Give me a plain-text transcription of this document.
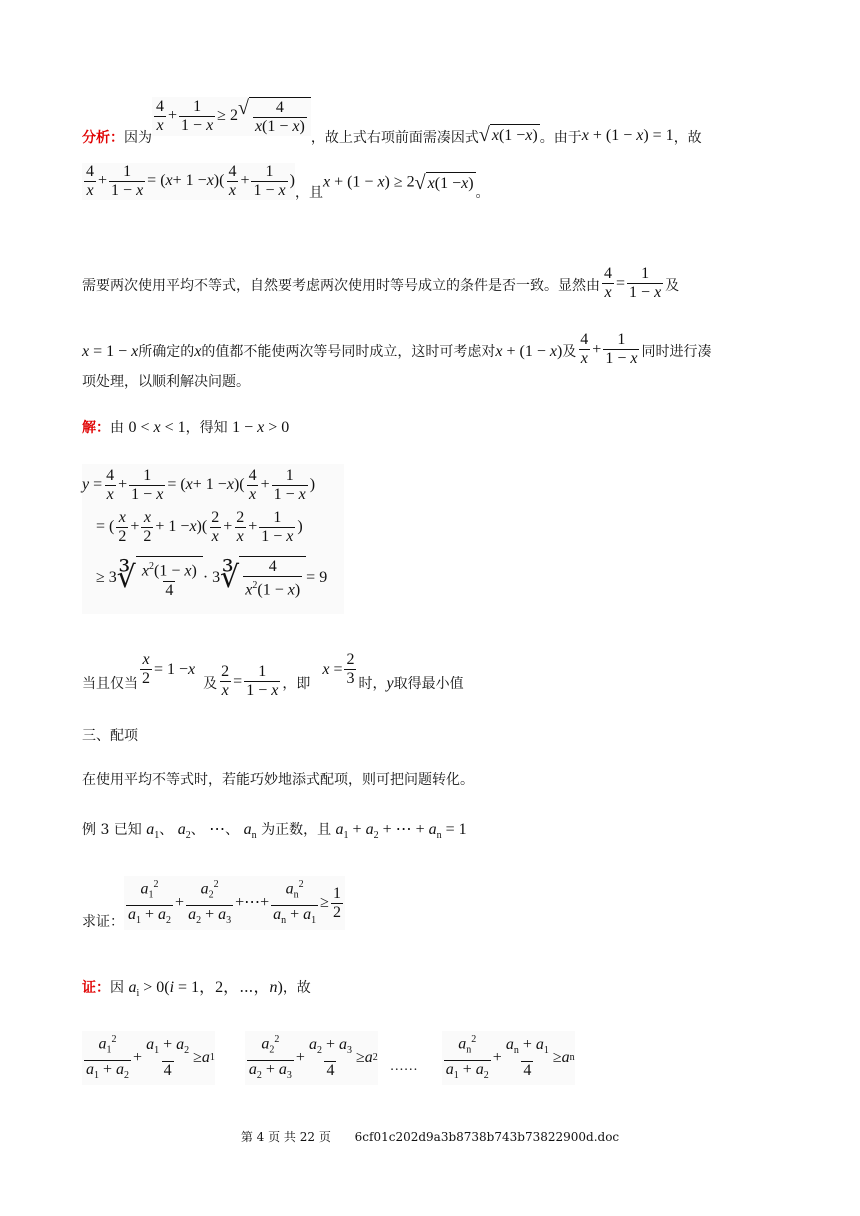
分析： 因为
$\frac{4}{x} + \frac{1}{1 - x} \ge 2$ √ $\frac{4}{x(1 - x)}$
，故上式右项前面需凑因式 √ x (1 − x ) 。由于 x + (1 − x) = 1 ，故
$\frac{4}{x} + \frac{1}{1 - x}$ = ( x + 1 − x )( $\frac{4}{x} + \frac{1}{1 - x}$ )
，且
x + (1 − x) ≥ 2 √ x (1 − x )
。
需要两次使用平均不等式，自然要考虑两次使用时等号成立的条件是否一致。显然由 $\frac{4}{x} = \frac{1}{1 - x}$ 及
x = 1 − x 所确定的 x 的值都不能使两次等号同时成立，这时可考虑对 x + (1 − x) 及 $\frac{4}{x} + \frac{1}{1 - x}$ 同时进行凑
项处理，以顺利解决问题。
解：由 0 < x < 1，得知 1 − x > 0
$y = \frac{4}{x} + \frac{1}{1 - x}$ = ( x + 1 − x )( $\frac{4}{x} + \frac{1}{1 - x}$ )
= ( $\frac{x}{2} + \frac{x}{2} + 1 - x$ )( $\frac{2}{x} + \frac{2}{x} + \frac{1}{1 - x}$ )
≥ 3 ∛ $\frac{x^2(1 - x)}{4} \cdot 3$ ∛ $\frac{4}{x^2(1 - x)} = 9$
当且仅当 $\frac{x}{2} = 1 - x$
及 $\frac{2}{x} = \frac{1}{1 - x}$ ，即
$x = \frac{2}{3}$ 时， y 取得最小值
三、配项
在使用平均不等式时，若能巧妙地添式配项，则可把问题转化。
例 3 已知 $a_1$、 $a_2$、 ⋯、 $a_n$ 为正数，且 $a_1 + a_2$ + ⋯ + $a_n = 1$
求证： $\frac{a_1^2}{a_1 + a_2} + \frac{a_2^2}{a_2 + a_3}$ +⋯+ $\frac{a_n^2}{a_n + a_1} \ge \frac{1}{2}$
证：因 $a_i > 0(i = 1$，2，⋯，n)，故
$\frac{a_1^2}{a_1 + a_2} + \frac{a_1 + a_2}{4} \ge a$ $1 \frac{a_2^2}{a_2 + a_3} + \frac{a_2 + a_3}{4} \ge a$ 2
…… $\frac{a_n^2}{a_1 + a_2} + \frac{a_n + a_1}{4} \ge a$ n
第 4 页 共 22 页 6cf01c202d9a3b8738b743b73822900d.doc
